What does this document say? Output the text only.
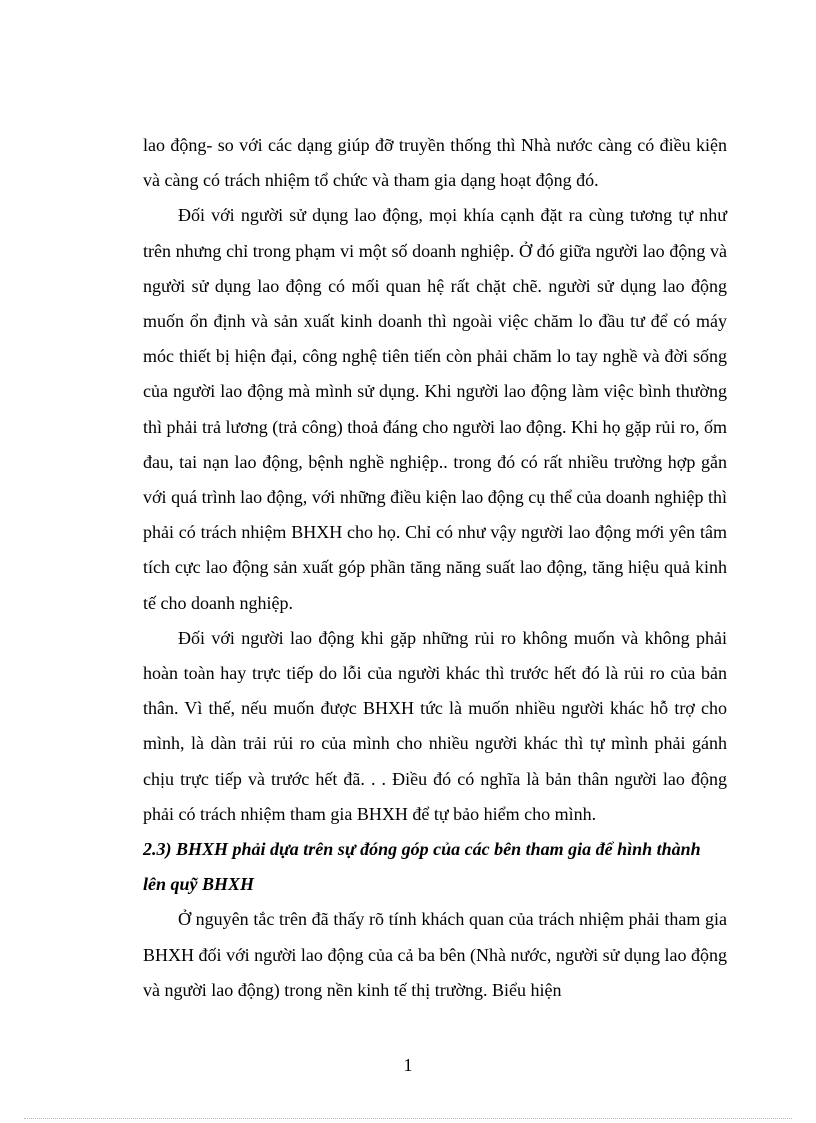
lao động- so với các dạng giúp đỡ truyền thống thì Nhà nước càng có điều kiện và càng có trách nhiệm tổ chức và tham gia dạng hoạt động đó.

Đối với người sử dụng lao động, mọi khía cạnh đặt ra cùng tương tự như trên nhưng chỉ trong phạm vi một số doanh nghiệp. Ở đó giữa người lao động và người sử dụng lao động có mối quan hệ rất chặt chẽ. người sử dụng lao động muốn ổn định và sản xuất kinh doanh thì ngoài việc chăm lo đầu tư để có máy móc thiết bị hiện đại, công nghệ tiên tiến còn phải chăm lo tay nghề và đời sống của người lao động mà mình sử dụng. Khi người lao động làm việc bình thường thì phải trả lương (trả công) thoả đáng cho người lao động. Khi họ gặp rủi ro, ốm đau, tai nạn lao động, bệnh nghề nghiệp.. trong đó có rất nhiều trường hợp gắn với quá trình lao động, với những điều kiện lao động cụ thể của doanh nghiệp thì phải có trách nhiệm BHXH cho họ. Chỉ có như vậy người lao động mới yên tâm tích cực lao động sản xuất góp phần tăng năng suất lao động, tăng hiệu quả kinh tế cho doanh nghiệp.

Đối với người lao động khi gặp những rủi ro không muốn và không phải hoàn toàn hay trực tiếp do lỗi của người khác thì trước hết đó là rủi ro của bản thân. Vì thế, nếu muốn được BHXH tức là muốn nhiều người khác hỗ trợ cho mình, là dàn trải rủi ro của mình cho nhiều người khác thì tự mình phải gánh chịu trực tiếp và trước hết đã. . . Điều đó có nghĩa là bản thân người lao động phải có trách nhiệm tham gia BHXH để tự bảo hiểm cho mình.

2.3) BHXH phải dựa trên sự đóng góp của các bên tham gia để hình thành lên quỹ BHXH

Ở nguyên tắc trên đã thấy rõ tính khách quan của trách nhiệm phải tham gia BHXH đối với người lao động của cả ba bên (Nhà nước, người sử dụng lao động và người lao động) trong nền kinh tế thị trường. Biểu hiện

1
